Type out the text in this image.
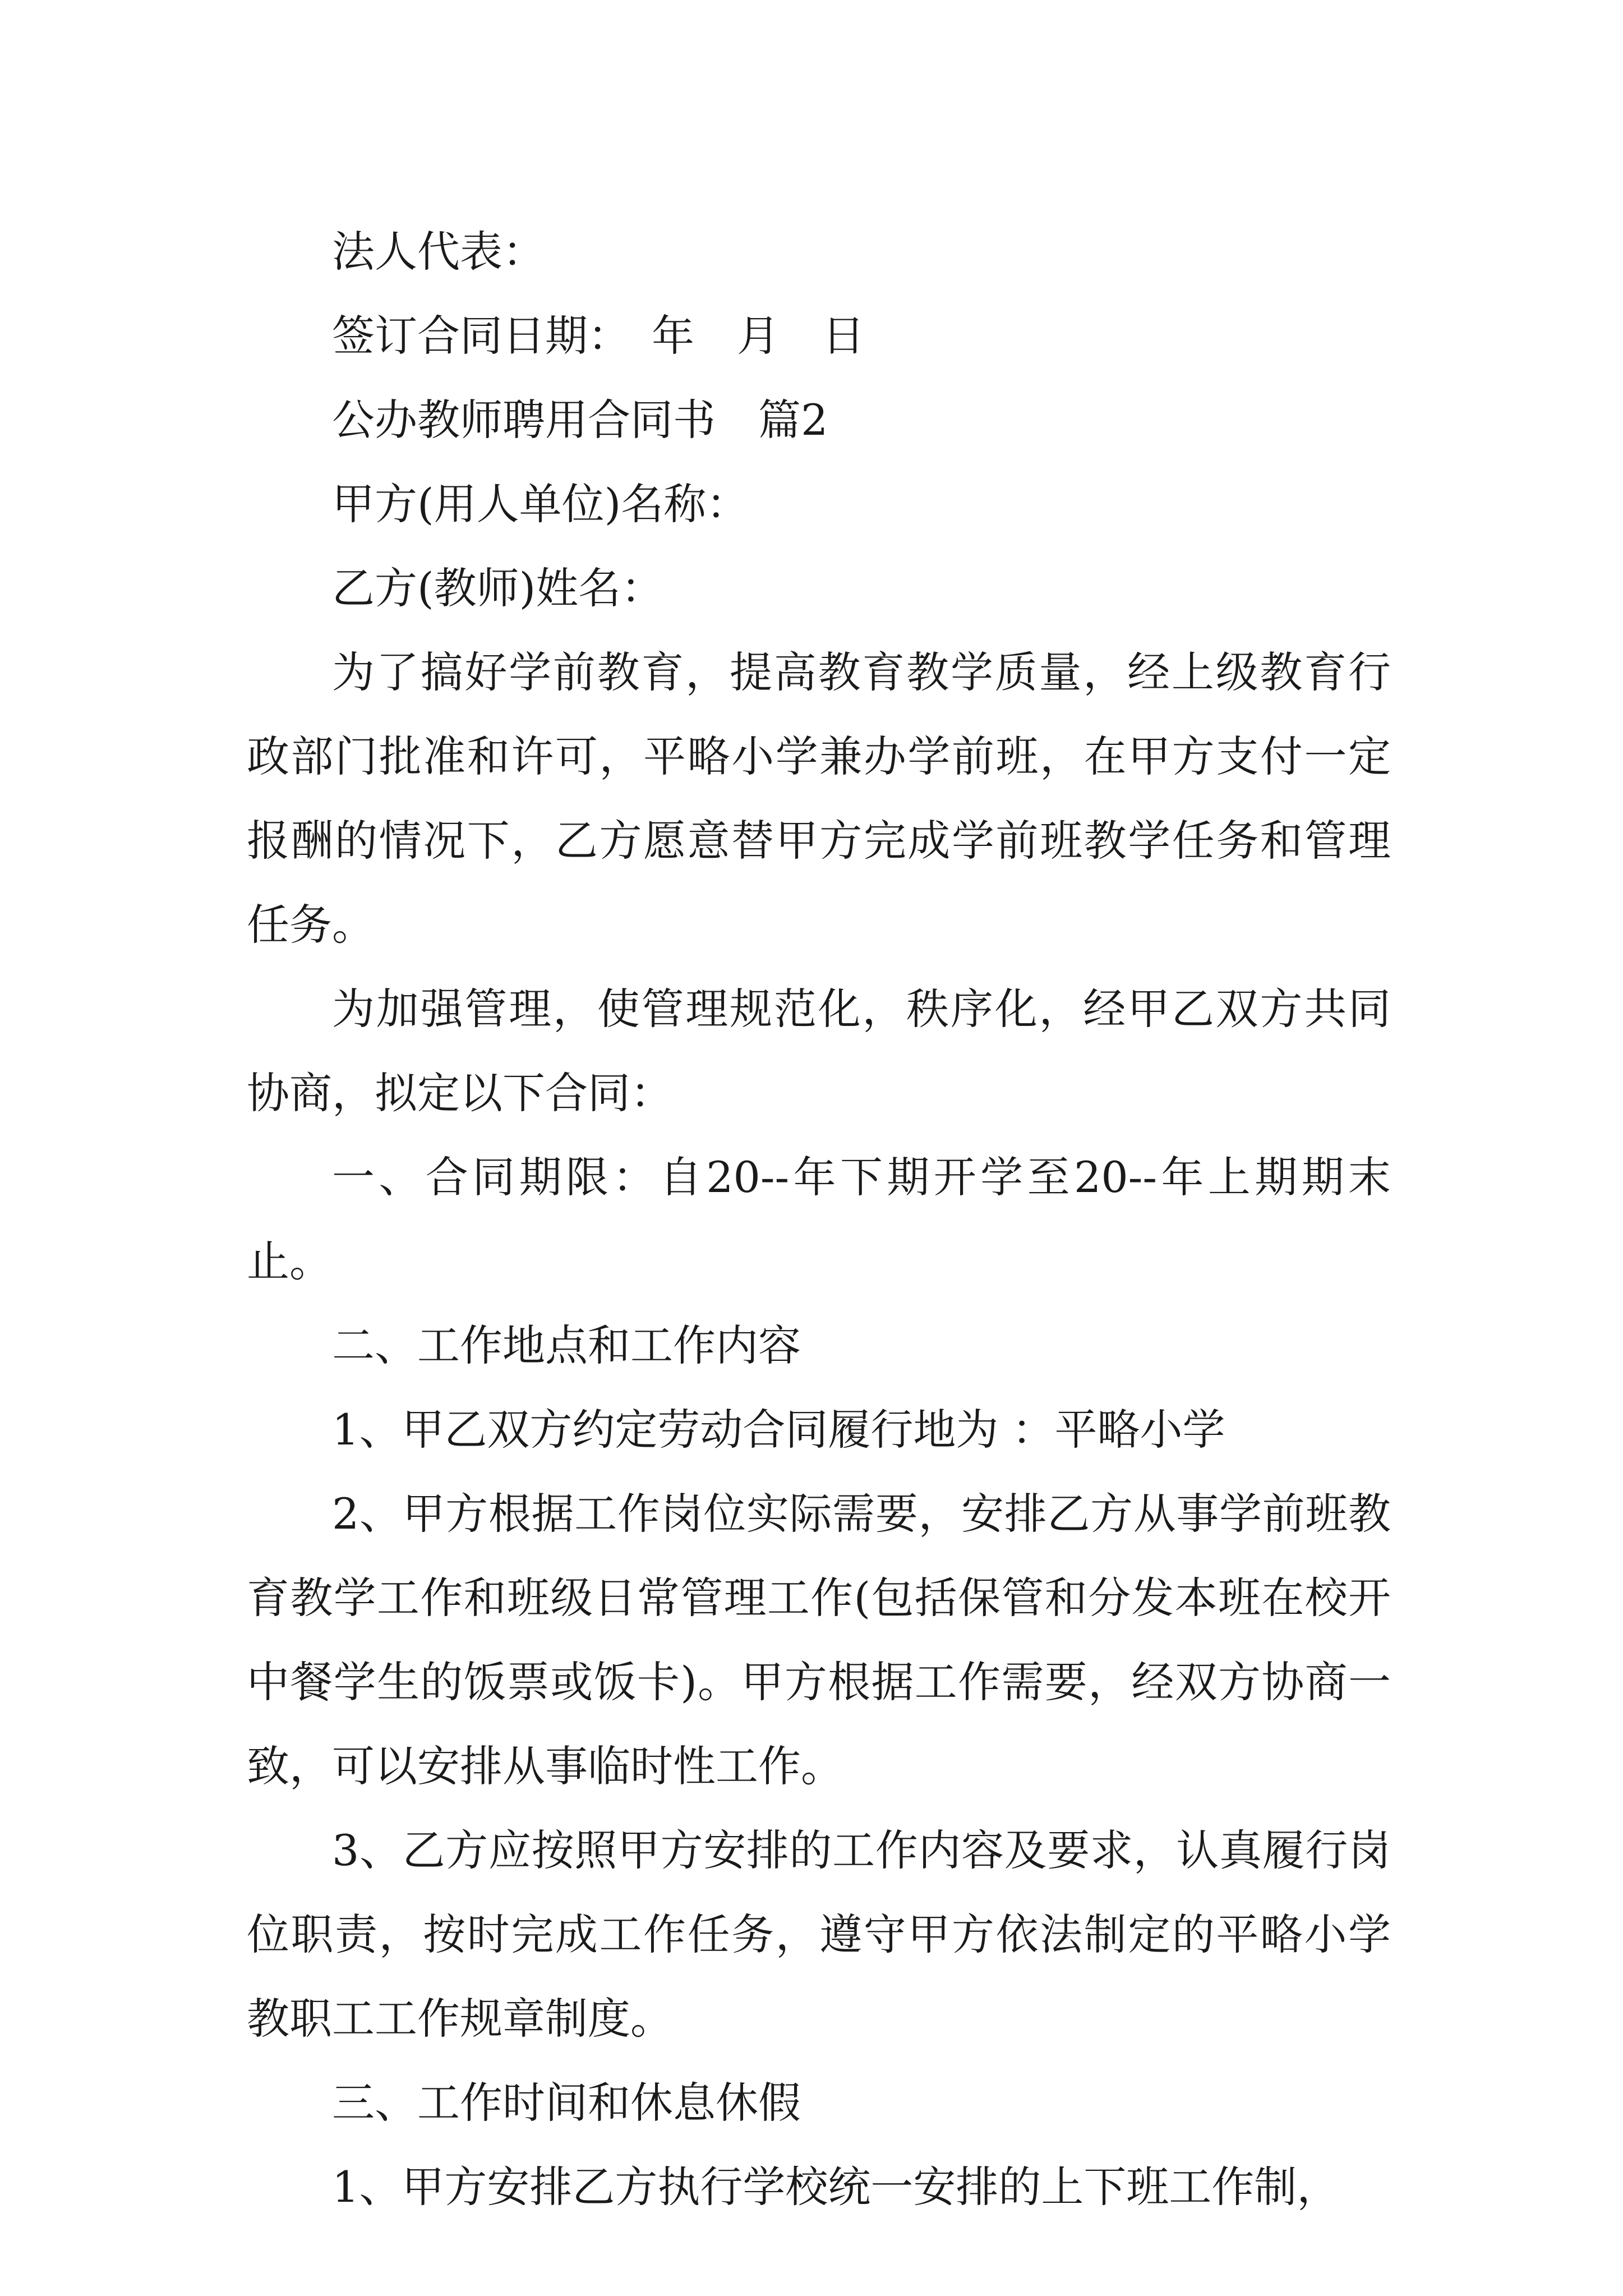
法人代表：
签订合同日期：　年　月　日
公办教师聘用合同书　篇2
甲方(用人单位)名称：
乙方(教师)姓名：

为了搞好学前教育，提高教育教学质量，经上级教育行政部门批准和许可，平略小学兼办学前班，在甲方支付一定报酬的情况下，乙方愿意替甲方完成学前班教学任务和管理任务。

为加强管理，使管理规范化，秩序化，经甲乙双方共同协商，拟定以下合同：

一、合同期限：自20--年下期开学至20--年上期期末止。

二、工作地点和工作内容
1、甲乙双方约定劳动合同履行地为 ：平略小学

2、甲方根据工作岗位实际需要，安排乙方从事学前班教育教学工作和班级日常管理工作(包括保管和分发本班在校开中餐学生的饭票或饭卡)。甲方根据工作需要，经双方协商一致，可以安排从事临时性工作。

3、乙方应按照甲方安排的工作内容及要求，认真履行岗位职责，按时完成工作任务，遵守甲方依法制定的平略小学教职工工作规章制度。

三、工作时间和休息休假
1、甲方安排乙方执行学校统一安排的上下班工作制，
